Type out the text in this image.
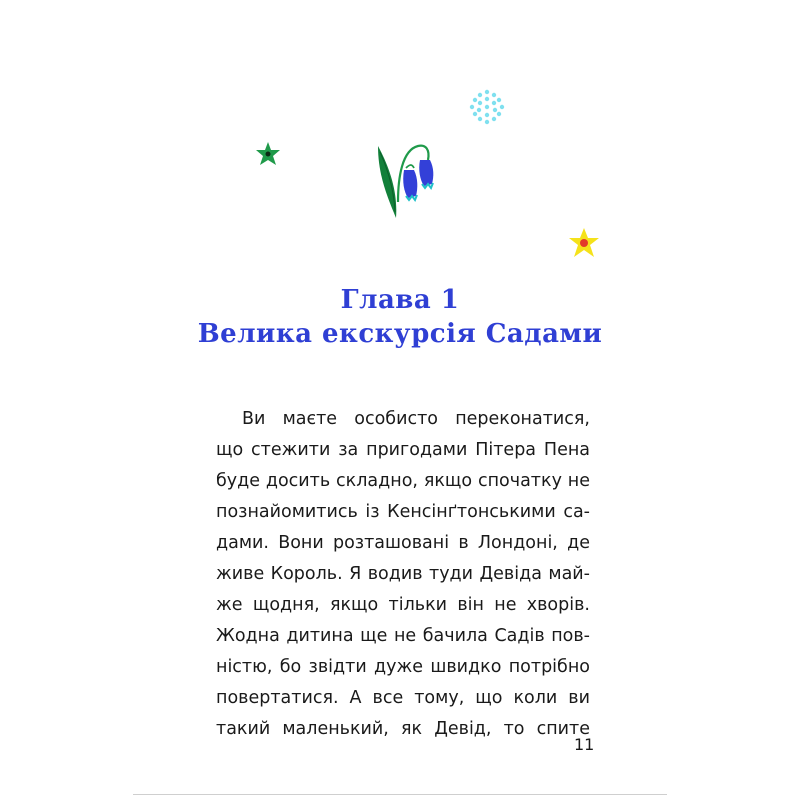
Глава 1
Велика екскурсія Садами
Ви маєте особисто переконатися,
що стежити за пригодами Пітера Пена
буде досить складно, якщо спочатку не
познайомитись із Кенсінґтонськими са-
дами. Вони розташовані в Лондоні, де
живе Король. Я водив туди Девіда май-
же щодня, якщо тільки він не хворів.
Жодна дитина ще не бачила Садів пов-
ністю, бо звідти дуже швидко потрібно
повертатися. А все тому, що коли ви
такий маленький, як Девід, то спите
11
